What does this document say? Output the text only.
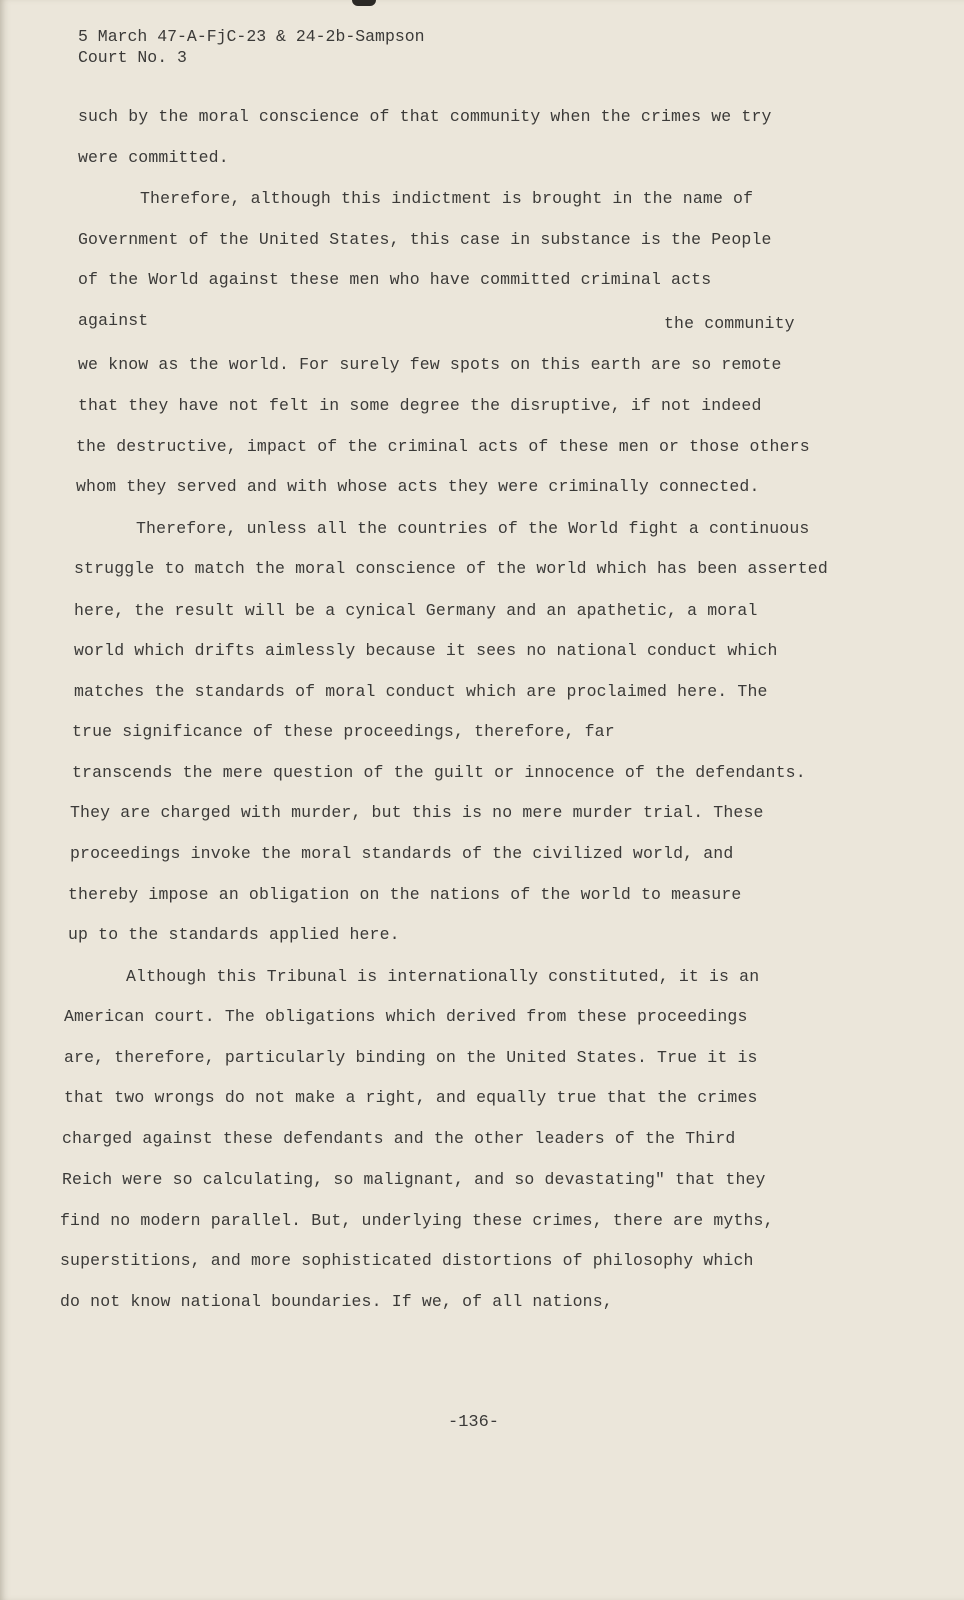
5 March 47-A-FjC-23 & 24-2b-Sampson
Court No. 3
such by the moral conscience of that community when the crimes we try
were committed.
Therefore, although this indictment is brought in the name of
Government of the United States, this case in substance is the People
of the World against these men who have committed criminal acts
against	the community
we know as the world. For surely few spots on this earth are so remote
that they have not felt in some degree the disruptive, if not indeed
the destructive, impact of the criminal acts of these men or those others
whom they served and with whose acts they were criminally connected.
Therefore, unless all the countries of the World fight a continuous
struggle to match the moral conscience of the world which has been asserted
here, the result will be a cynical Germany and an apathetic, a moral
world which drifts aimlessly because it sees no national conduct which
matches the standards of moral conduct which are proclaimed here. The
true significance of these proceedings, therefore, far
transcends the mere question of the guilt or innocence of the defendants.
They are charged with murder, but this is no mere murder trial. These
proceedings invoke the moral standards of the civilized world, and
thereby impose an obligation on the nations of the world to measure
up to the standards applied here.
Although this Tribunal is internationally constituted, it is an
American court. The obligations which derived from these proceedings
are, therefore, particularly binding on the United States. True it is
that two wrongs do not make a right, and equally true that the crimes
charged against these defendants and the other leaders of the Third
Reich were so calculating, so malignant, and so devastating" that they
find no modern parallel. But, underlying these crimes, there are myths,
superstitions, and more sophisticated distortions of philosophy which
do not know national boundaries. If we, of all nations,
-136-
